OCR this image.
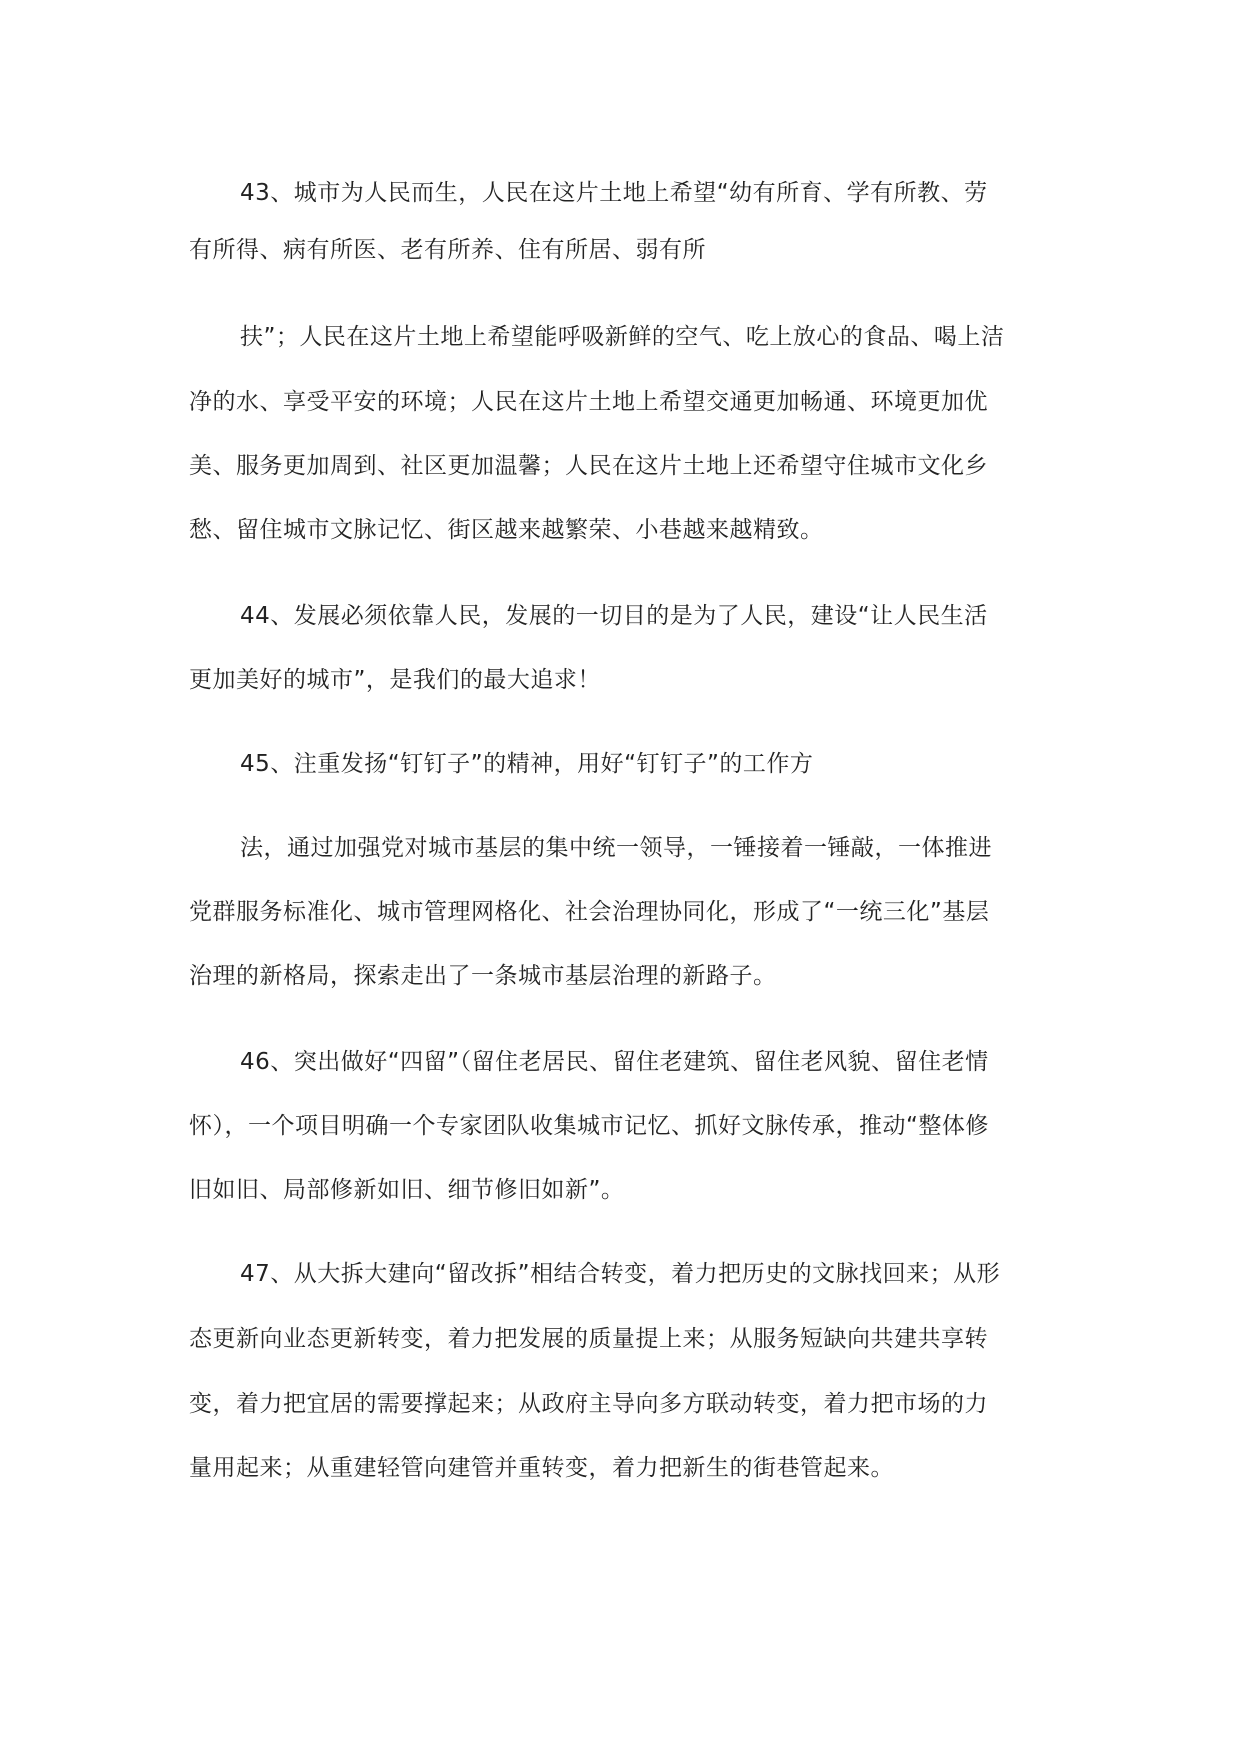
43、城市为人民而生，人民在这片土地上希望“幼有所育、学有所教、劳
有所得、病有所医、老有所养、住有所居、弱有所
扶”；人民在这片土地上希望能呼吸新鲜的空气、吃上放心的食品、喝上洁
净的水、享受平安的环境；人民在这片土地上希望交通更加畅通、环境更加优
美、服务更加周到、社区更加温馨；人民在这片土地上还希望守住城市文化乡
愁、留住城市文脉记忆、街区越来越繁荣、小巷越来越精致。
44、发展必须依靠人民，发展的一切目的是为了人民，建设“让人民生活
更加美好的城市”，是我们的最大追求！
45、注重发扬“钉钉子”的精神，用好“钉钉子”的工作方
法，通过加强党对城市基层的集中统一领导，一锤接着一锤敲，一体推进
党群服务标准化、城市管理网格化、社会治理协同化，形成了“一统三化”基层
治理的新格局，探索走出了一条城市基层治理的新路子。
46、突出做好“四留”（留住老居民、留住老建筑、留住老风貌、留住老情
怀），一个项目明确一个专家团队收集城市记忆、抓好文脉传承，推动“整体修
旧如旧、局部修新如旧、细节修旧如新”。
47、从大拆大建向“留改拆”相结合转变，着力把历史的文脉找回来；从形
态更新向业态更新转变，着力把发展的质量提上来；从服务短缺向共建共享转
变，着力把宜居的需要撑起来；从政府主导向多方联动转变，着力把市场的力
量用起来；从重建轻管向建管并重转变，着力把新生的街巷管起来。
